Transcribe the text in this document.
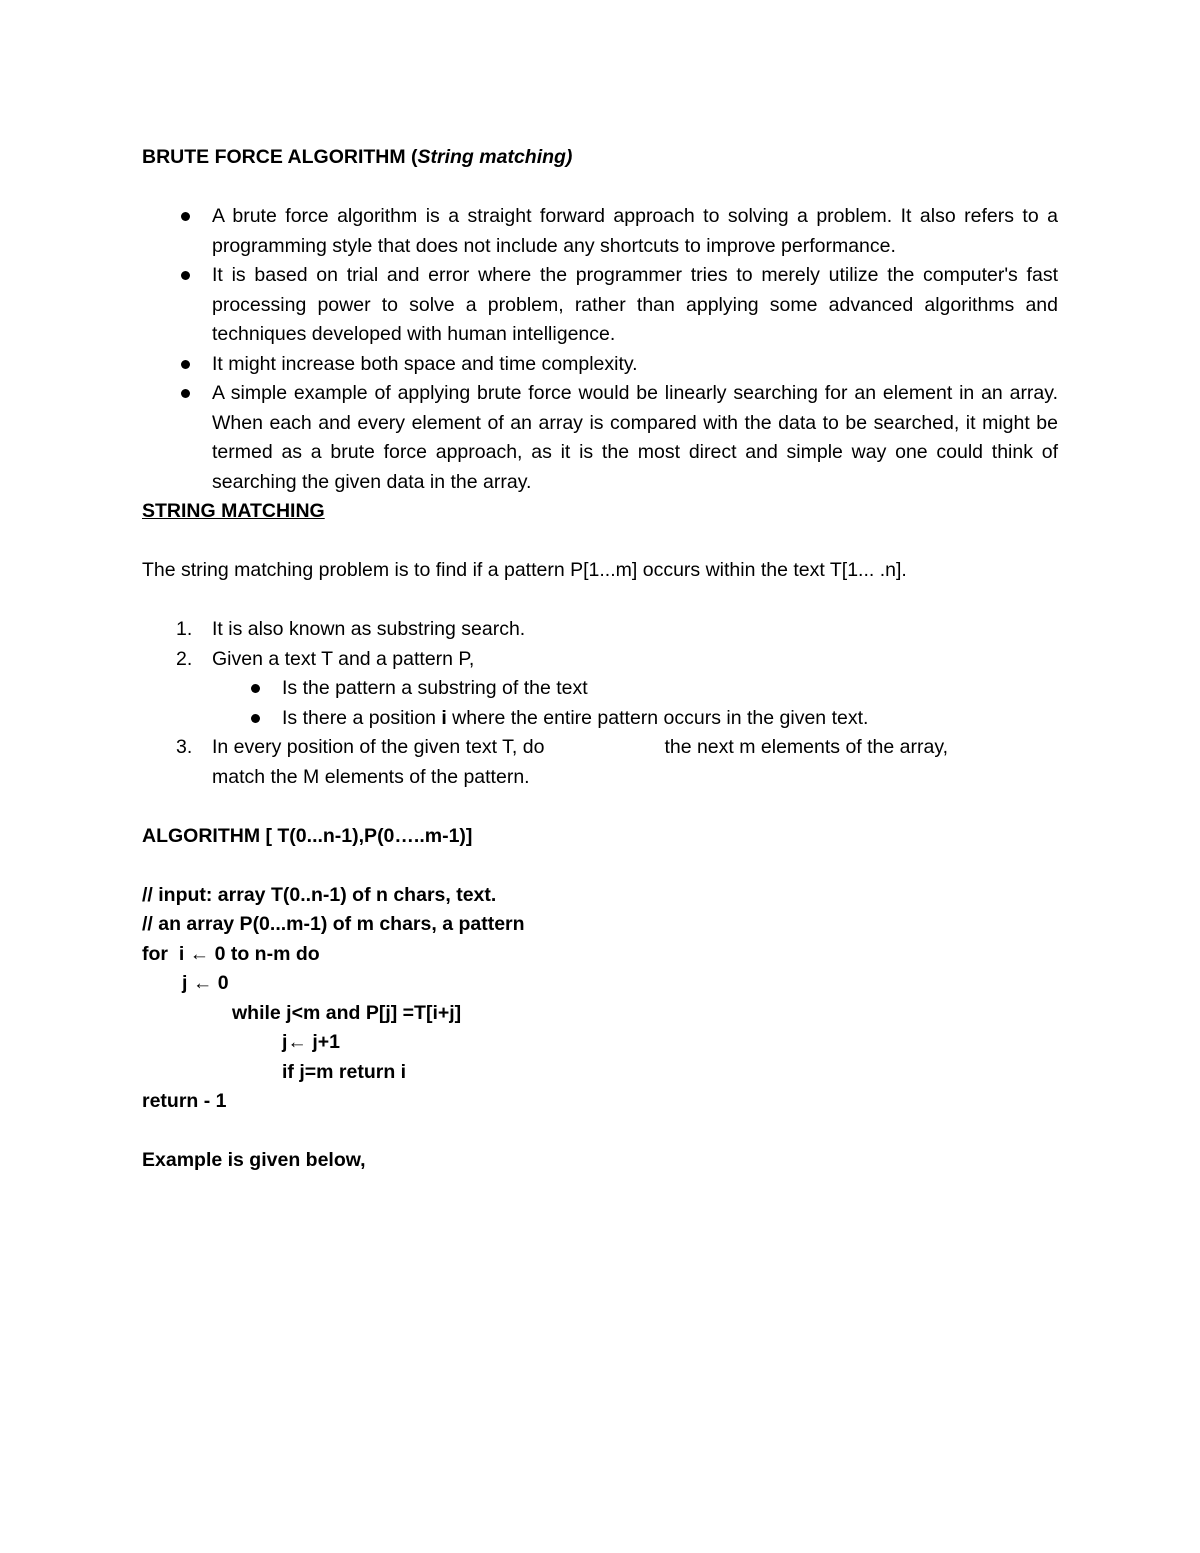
BRUTE FORCE ALGORITHM (String matching)

A brute force algorithm is a straight forward approach to solving a problem. It also refers to a programming style that does not include any shortcuts to improve performance.
It is based on trial and error where the programmer tries to merely utilize the computer's fast processing power to solve a problem, rather than applying some advanced algorithms and techniques developed with human intelligence.
It might increase both space and time complexity.
A simple example of applying brute force would be linearly searching for an element in an array. When each and every element of an array is compared with the data to be searched, it might be termed as a brute force approach, as it is the most direct and simple way one could think of searching the given data in the array.

STRING MATCHING

The string matching problem is to find if a pattern P[1...m] occurs within the text T[1... .n].

1. It is also known as substring search.
2. Given a text T and a pattern P,
Is the pattern a substring of the text
Is there a position i where the entire pattern occurs in the given text.
3. In every position of the given text T, do	the next m elements of the array,
match the M elements of the pattern.
ALGORITHM [ T(0...n-1),P(0…..m-1)]
// input: array T(0..n-1) of n chars, text.
// an array P(0...m-1) of m chars, a pattern
for  i ← 0 to n-m do
j ← 0
while j<m and P[j] =T[i+j]
j← j+1
if j=m return i
return - 1
Example is given below,
